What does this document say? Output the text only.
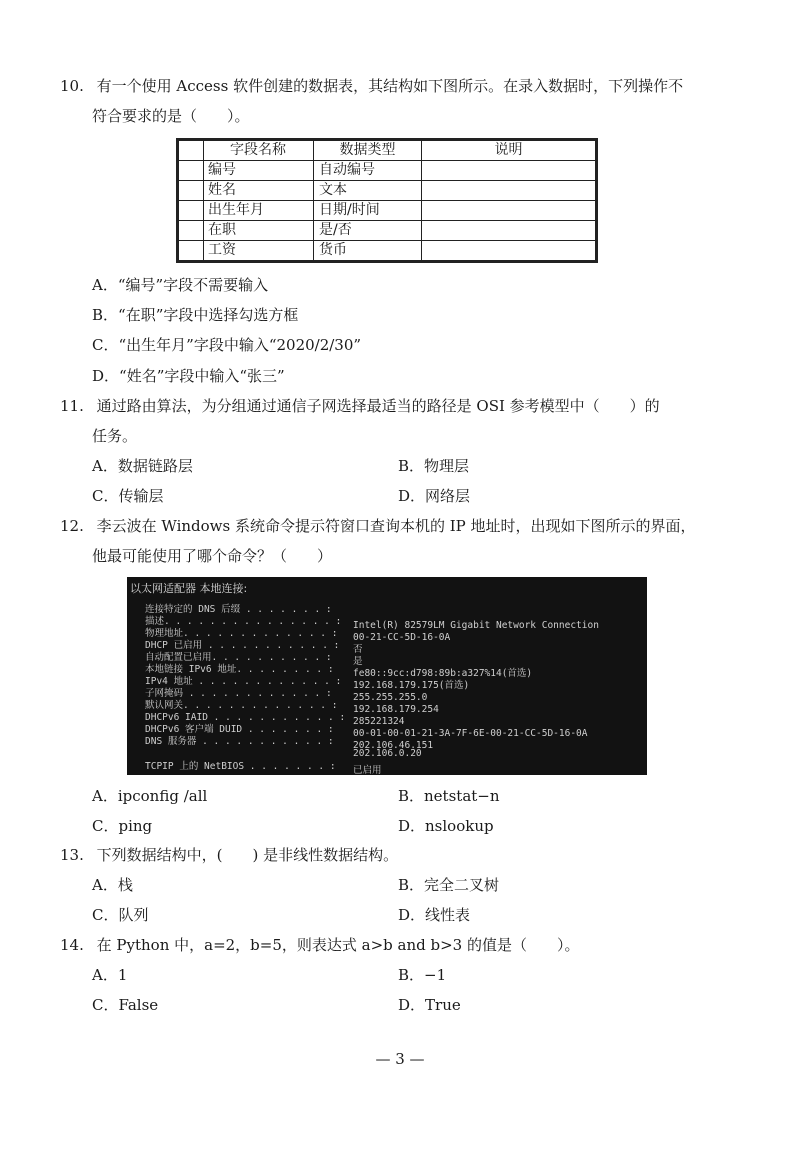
10. 有一个使用 Access 软件创建的数据表，其结构如下图所示。在录入数据时，下列操作不
符合要求的是（　　）。
字段名称	数据类型	说明
编号	自动编号
姓名	文本
出生年月	日期/时间
在职	是/否
工资	货币
A．“编号”字段不需要输入
B．“在职”字段中选择勾选方框
C．“出生年月”字段中输入“2020/2/30”
D．“姓名”字段中输入“张三”
11. 通过路由算法，为分组通过通信子网选择最适当的路径是 OSI 参考模型中（　　）的
任务。
A．数据链路层	B．物理层
C．传输层	D．网络层
12. 李云波在 Windows 系统命令提示符窗口查询本机的 IP 地址时，出现如下图所示的界面，
他最可能使用了哪个命令？（　　）
以太网适配器 本地连接:
连接特定的 DNS 后缀 . . . . . . . :
描述. . . . . . . . . . . . . . . : Intel(R) 82579LM Gigabit Network Connection
物理地址. . . . . . . . . . . . . : 00-21-CC-5D-16-0A
DHCP 已启用 . . . . . . . . . . . : 否
自动配置已启用. . . . . . . . . . : 是
本地链接 IPv6 地址. . . . . . . . : fe80::9cc:d798:89b:a327%14(首选)
IPv4 地址 . . . . . . . . . . . . : 192.168.179.175(首选)
子网掩码 . . . . . . . . . . . . : 255.255.255.0
默认网关. . . . . . . . . . . . . : 192.168.179.254
DHCPv6 IAID . . . . . . . . . . . : 285221324
DHCPv6 客户端 DUID . . . . . . . : 00-01-00-01-21-3A-7F-6E-00-21-CC-5D-16-0A
DNS 服务器 . . . . . . . . . . . : 202.106.46.151
202.106.0.20
TCPIP 上的 NetBIOS . . . . . . . : 已启用
A．ipconfig /all	B．netstat−n
C．ping	D．nslookup
13. 下列数据结构中，(　　) 是非线性数据结构。
A．栈	B．完全二叉树
C．队列	D．线性表
14. 在 Python 中，a=2，b=5，则表达式 a>b and b>3 的值是（　　）。
A．1	B．−1
C．False	D．True
— 3 —
